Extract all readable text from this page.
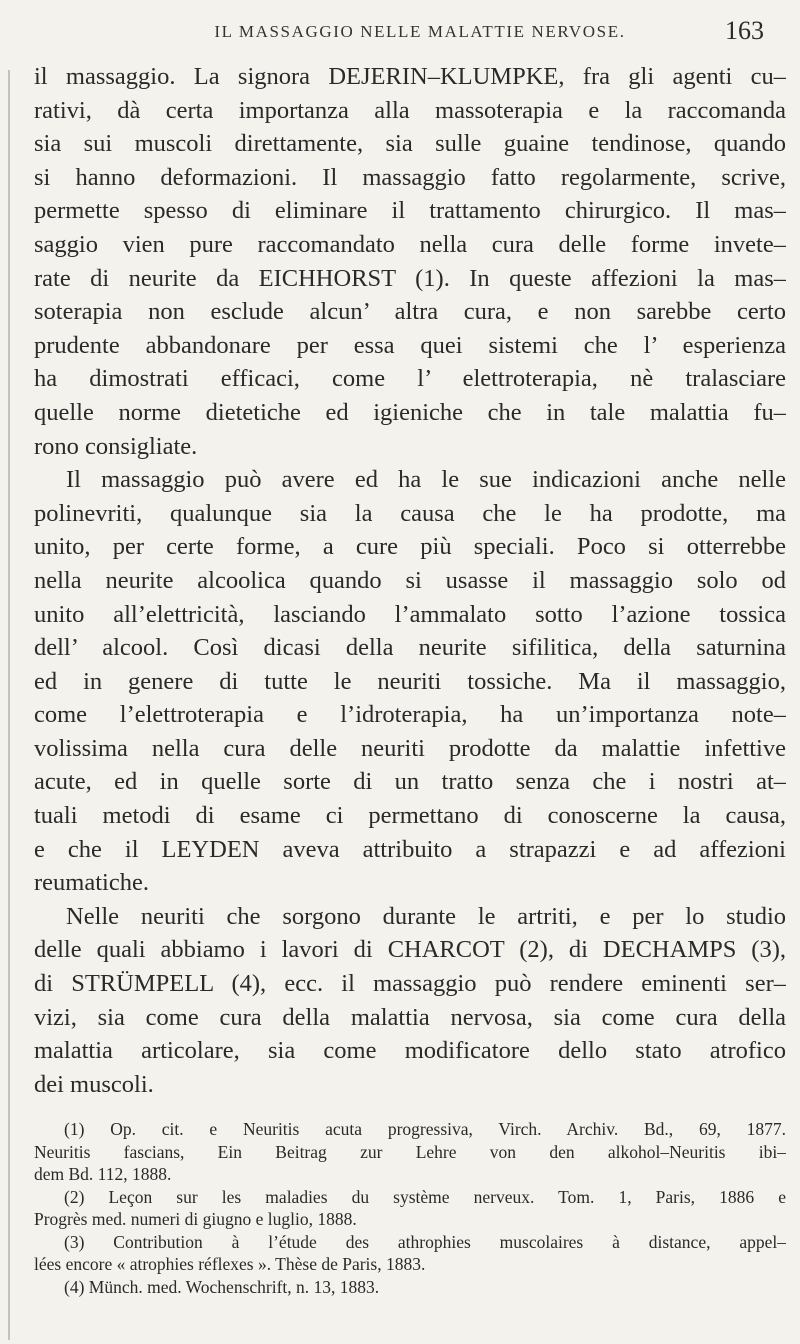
IL MASSAGGIO NELLE MALATTIE NERVOSE.	163
il massaggio. La signora DEJERIN–KLUMPKE, fra gli agenti cu–
rativi, dà certa importanza alla massoterapia e la raccomanda
sia sui muscoli direttamente, sia sulle guaine tendinose, quando
si hanno deformazioni. Il massaggio fatto regolarmente, scrive,
permette spesso di eliminare il trattamento chirurgico. Il mas–
saggio vien pure raccomandato nella cura delle forme invete–
rate di neurite da EICHHORST (1). In queste affezioni la mas–
soterapia non esclude alcun’ altra cura, e non sarebbe certo
prudente abbandonare per essa quei sistemi che l’ esperienza
ha dimostrati efficaci, come l’ elettroterapia, nè tralasciare
quelle norme dietetiche ed igieniche che in tale malattia fu–
rono consigliate.
Il massaggio può avere ed ha le sue indicazioni anche nelle
polinevriti, qualunque sia la causa che le ha prodotte, ma
unito, per certe forme, a cure più speciali. Poco si otterrebbe
nella neurite alcoolica quando si usasse il massaggio solo od
unito all’elettricità, lasciando l’ammalato sotto l’azione tossica
dell’ alcool. Così dicasi della neurite sifilitica, della saturnina
ed in genere di tutte le neuriti tossiche. Ma il massaggio,
come l’elettroterapia e l’idroterapia, ha un’importanza note–
volissima nella cura delle neuriti prodotte da malattie infettive
acute, ed in quelle sorte di un tratto senza che i nostri at–
tuali metodi di esame ci permettano di conoscerne la causa,
e che il LEYDEN aveva attribuito a strapazzi e ad affezioni
reumatiche.
Nelle neuriti che sorgono durante le artriti, e per lo studio
delle quali abbiamo i lavori di CHARCOT (2), di DECHAMPS (3),
di STRÜMPELL (4), ecc. il massaggio può rendere eminenti ser–
vizi, sia come cura della malattia nervosa, sia come cura della
malattia articolare, sia come modificatore dello stato atrofico
dei muscoli.
(1) Op. cit. e Neuritis acuta progressiva, Virch. Archiv. Bd., 69, 1877.
Neuritis fascians, Ein Beitrag zur Lehre von den alkohol–Neuritis ibi–
dem Bd. 112, 1888.
(2) Leçon sur les maladies du système nerveux. Tom. 1, Paris, 1886 e
Progrès med. numeri di giugno e luglio, 1888.
(3) Contribution à l’étude des athrophies muscolaires à distance, appel–
lées encore « atrophies réflexes ». Thèse de Paris, 1883.
(4) Münch. med. Wochenschrift, n. 13, 1883.
